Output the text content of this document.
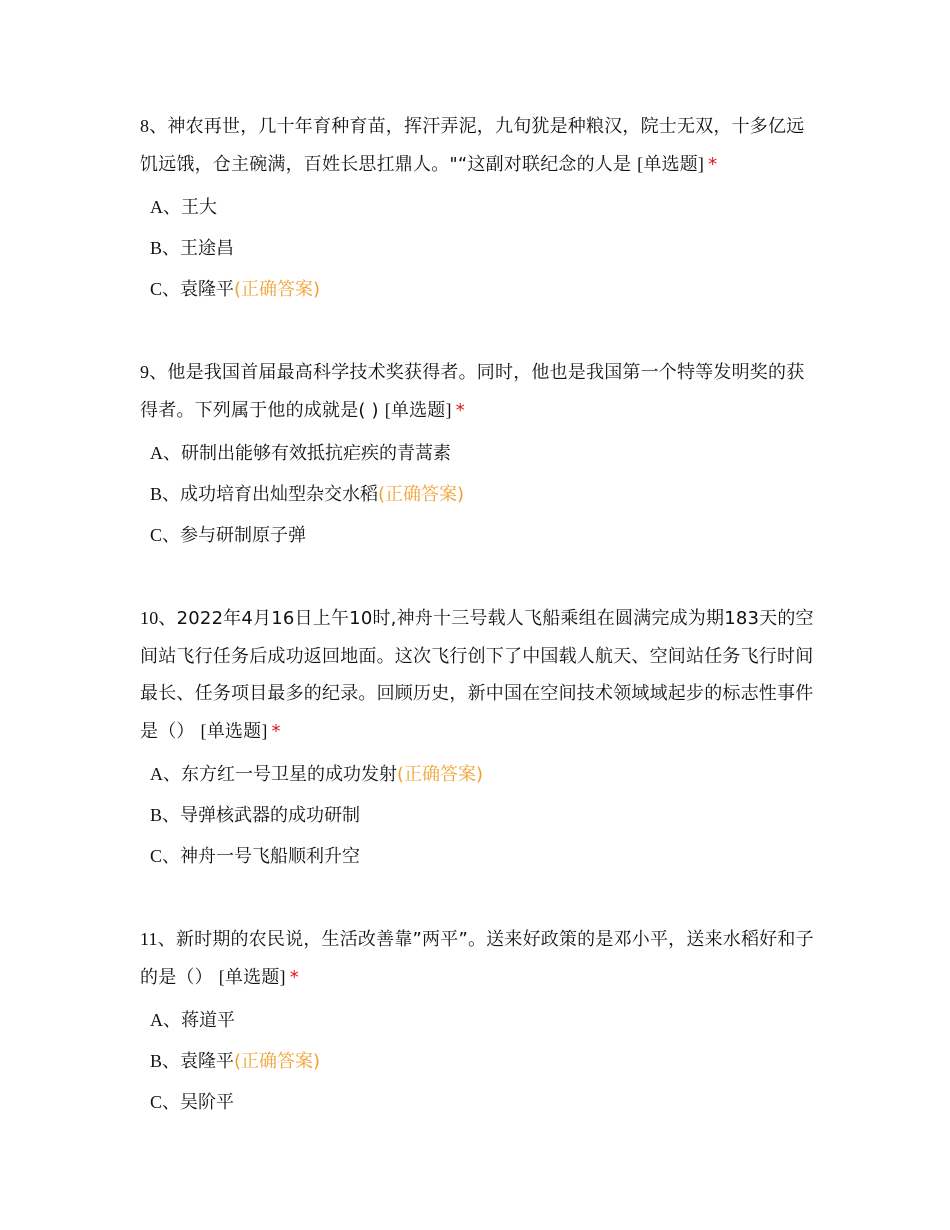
8、神农再世，几十年育种育苗，挥汗弄泥，九旬犹是种粮汉，院士无双，十多亿远饥远饿，仓主碗满，百姓长思扛鼎人。"“这副对联纪念的人是 [单选题] *

A、王大
B、王途昌
C、袁隆平(正确答案)

9、他是我国首届最高科学技术奖获得者。同时，他也是我国第一个特等发明奖的获得者。下列属于他的成就是( ) [单选题] *

A、研制出能够有效抵抗疟疾的青蒿素
B、成功培育出灿型杂交水稻(正确答案)
C、参与研制原子弹

10、2022年4月16日上午10时,神舟十三号载人飞船乘组在圆满完成为期183天的空间站飞行任务后成功返回地面。这次飞行创下了中国载人航天、空间站任务飞行时间最长、任务项目最多的纪录。回顾历史，新中国在空间技术领域域起步的标志性事件是（） [单选题] *

A、东方红一号卫星的成功发射(正确答案)
B、导弹核武器的成功研制
C、神舟一号飞船顺利升空

11、新时期的农民说，生活改善靠”两平”。送来好政策的是邓小平，送来水稻好和子的是（） [单选题] *

A、蒋道平
B、袁隆平(正确答案)
C、吴阶平
